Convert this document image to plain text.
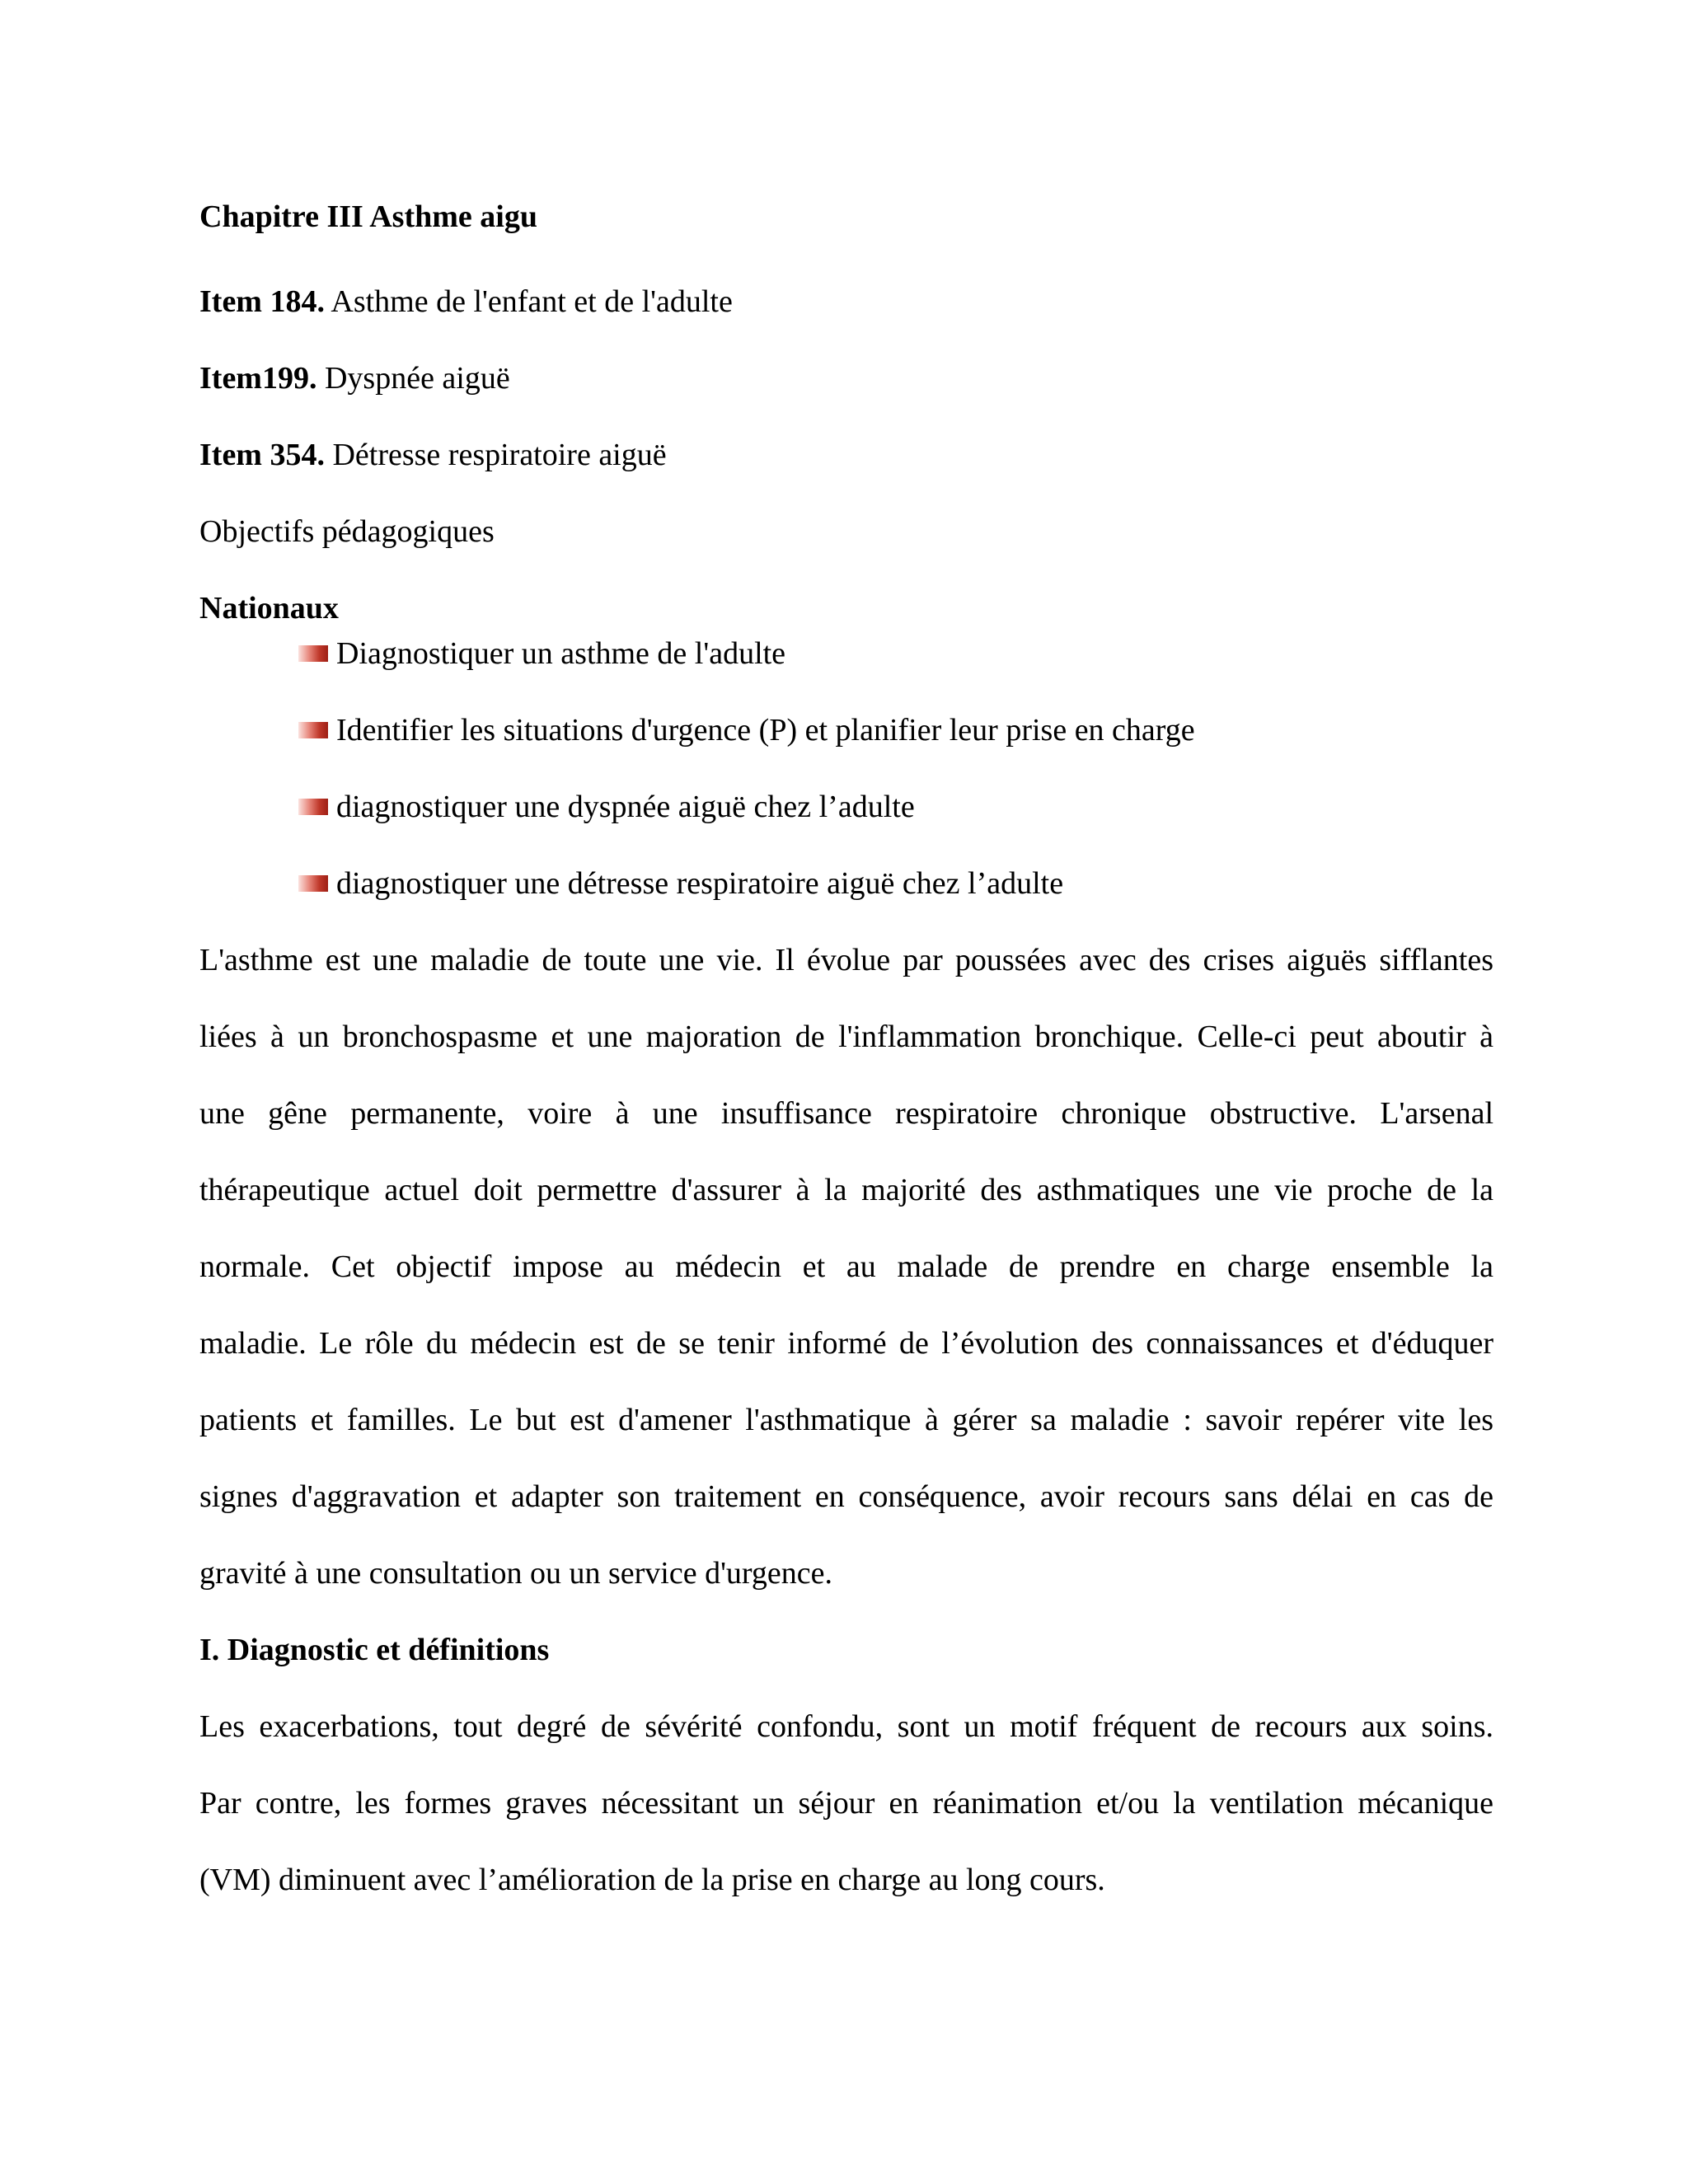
Chapitre III Asthme aigu

Item 184. Asthme de l'enfant et de l'adulte

Item199. Dyspnée aiguë

Item 354. Détresse respiratoire aiguë

Objectifs pédagogiques

Nationaux

Diagnostiquer un asthme de l'adulte
Identifier les situations d'urgence (P) et planifier leur prise en charge
diagnostiquer une dyspnée aiguë chez l’adulte
diagnostiquer une détresse respiratoire aiguë chez l’adulte

L'asthme est une maladie de toute une vie. Il évolue par poussées avec des crises aiguës sifflantes

liées à un bronchospasme et une majoration de l'inflammation bronchique. Celle-ci peut aboutir à

une gêne permanente, voire à une insuffisance respiratoire chronique obstructive. L'arsenal

thérapeutique actuel doit permettre d'assurer à la majorité des asthmatiques une vie proche de la

normale. Cet objectif impose au médecin et au malade de prendre en charge ensemble la

maladie. Le rôle du médecin est de se tenir informé de l’évolution des connaissances et d'éduquer

patients et familles. Le but est d'amener l'asthmatique à gérer sa maladie : savoir repérer vite les

signes d'aggravation et adapter son traitement en conséquence, avoir recours sans délai en cas de

gravité à une consultation ou un service d'urgence.

I. Diagnostic et définitions

Les exacerbations, tout degré de sévérité confondu, sont un motif fréquent de recours aux soins.

Par contre, les formes graves nécessitant un séjour en réanimation et/ou la ventilation mécanique

(VM) diminuent avec l’amélioration de la prise en charge au long cours.
